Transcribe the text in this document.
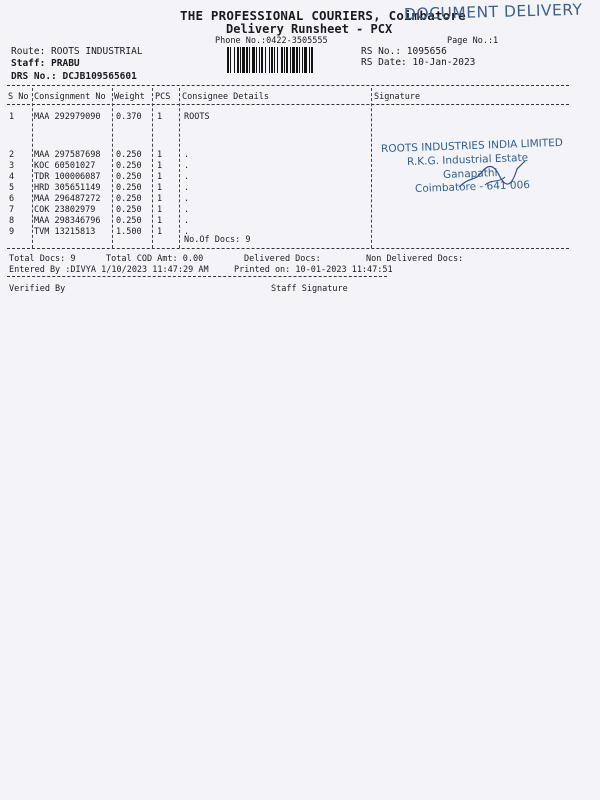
THE PROFESSIONAL COURIERS, Coimbatore
DOCUMENT DELIVERY
Delivery Runsheet - PCX
Phone No.:0422-3505555	Page No.:1
Route: ROOTS INDUSTRIAL
Staff: PRABU
DRS No.: DCJB109565601
RS No.: 1095656
RS Date: 10-Jan-2023
S No Consignment No Weight PCS Consignee Details	Signature
1 MAA 292979090 0.370 1	ROOTS
2 MAA 297587698 0.250 1	.
3 KOC 60501027 0.250 1	.
4 TDR 100006087 0.250 1	.
5 HRD 305651149 0.250 1	.
6 MAA 296487272 0.250 1	.
7 COK 23802979 0.250 1	.
8 MAA 298346796 0.250 1	.
9 TVM 13215813 1.500 1	.
No.Of Docs: 9
ROOTS INDUSTRIES INDIA LIMITED
R.K.G. Industrial Estate
Ganapathi
Coimbatore - 641 006
Total Docs: 9	Total COD Amt: 0.00	Delivered Docs:	Non Delivered Docs:
Entered By :DIVYA 1/10/2023 11:47:29 AM	Printed on: 10-01-2023 11:47:51
Verified By	Staff Signature
